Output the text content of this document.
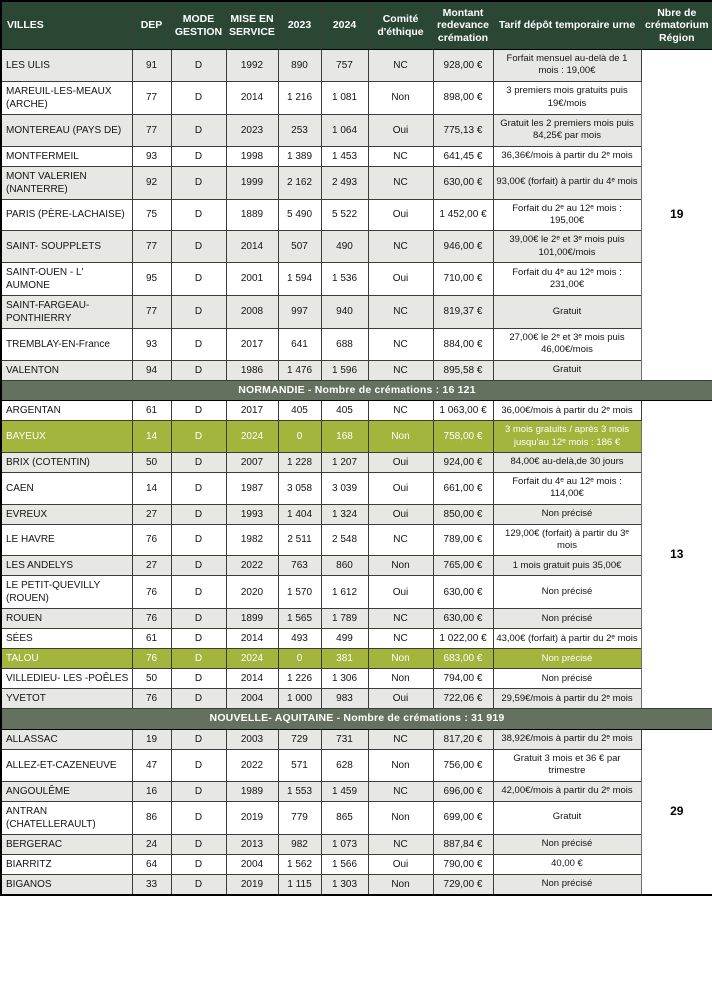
VILLES	DEP	MODE GESTION	MISE EN SERVICE	2023	2024	Comité d'éthique	Montant redevance crémation	Tarif dépôt temporaire urne	Nbre de crématorium Région
LES ULIS	91	D	1992	890	757	NC	928,00 €	Forfait mensuel au-delà de 1 mois : 19,00€	19
MAREUIL-LES-MEAUX (ARCHE)	77	D	2014	1 216	1 081	Non	898,00 €	3 premiers mois gratuits puis 19€/mois	
MONTEREAU (PAYS DE)	77	D	2023	253	1 064	Oui	775,13 €	Gratuit les 2 premiers mois puis 84,25€ par mois	
MONTFERMEIL	93	D	1998	1 389	1 453	NC	641,45 €	36,36€/mois à partir du 2ᵉ mois	
MONT VALERIEN (NANTERRE)	92	D	1999	2 162	2 493	NC	630,00 €	93,00€ (forfait) à partir du 4ᵉ mois	
PARIS (PÈRE-LACHAISE)	75	D	1889	5 490	5 522	Oui	1 452,00 €	Forfait du 2ᵉ au 12ᵉ mois : 195,00€	
SAINT- SOUPPLETS	77	D	2014	507	490	NC	946,00 €	39,00€ le 2ᵉ et 3ᵉ mois puis 101,00€/mois	
SAINT-OUEN - L' AUMONE	95	D	2001	1 594	1 536	Oui	710,00 €	Forfait du 4ᵉ au 12ᵉ mois : 231,00€	
SAINT-FARGEAU-PONTHIERRY	77	D	2008	997	940	NC	819,37 €	Gratuit	
TREMBLAY-EN-France	93	D	2017	641	688	NC	884,00 €	27,00€ le 2ᵉ et 3ᵉ mois puis 46,00€/mois	
VALENTON	94	D	1986	1 476	1 596	NC	895,58 €	Gratuit	
NORMANDIE - Nombre de crémations : 16 121									
ARGENTAN	61	D	2017	405	405	NC	1 063,00 €	36,00€/mois à partir du 2ᵉ mois	13
BAYEUX	14	D	2024	0	168	Non	758,00 €	3 mois gratuits / après 3 mois jusqu'au 12ᵉ mois : 186 €	
BRIX (COTENTIN)	50	D	2007	1 228	1 207	Oui	924,00 €	84,00€ au-delà,de 30 jours	
CAEN	14	D	1987	3 058	3 039	Oui	661,00 €	Forfait du 4ᵉ au 12ᵉ mois : 114,00€	
EVREUX	27	D	1993	1 404	1 324	Oui	850,00 €	Non précisé	
LE HAVRE	76	D	1982	2 511	2 548	NC	789,00 €	129,00€ (forfait) à partir du 3ᵉ mois	
LES ANDELYS	27	D	2022	763	860	Non	765,00 €	1 mois gratuit puis 35,00€	
LE PETIT-QUEVILLY (ROUEN)	76	D	2020	1 570	1 612	Oui	630,00 €	Non précisé	
ROUEN	76	D	1899	1 565	1 789	NC	630,00 €	Non précisé	
SÉES	61	D	2014	493	499	NC	1 022,00 €	43,00€ (forfait) à partir du 2ᵉ mois	
TALOU	76	D	2024	0	381	Non	683,00 €	Non précisé	
VILLEDIEU- LES -POÊLES	50	D	2014	1 226	1 306	Non	794,00 €	Non précisé	
YVETOT	76	D	2004	1 000	983	Oui	722,06 €	29,59€/mois à partir du 2ᵉ mois	
NOUVELLE- AQUITAINE - Nombre de crémations : 31 919									
ALLASSAC	19	D	2003	729	731	NC	817,20 €	38,92€/mois à partir du 2ᵉ mois	29
ALLEZ-ET-CAZENEUVE	47	D	2022	571	628	Non	756,00 €	Gratuit 3 mois et 36 € par trimestre	
ANGOULÊME	16	D	1989	1 553	1 459	NC	696,00 €	42,00€/mois à partir du 2ᵉ mois	
ANTRAN (CHATELLERAULT)	86	D	2019	779	865	Non	699,00 €	Gratuit	
BERGERAC	24	D	2013	982	1 073	NC	887,84 €	Non précisé	
BIARRITZ	64	D	2004	1 562	1 566	Oui	790,00 €	40,00 €	
BIGANOS	33	D	2019	1 115	1 303	Non	729,00 €	Non précisé	
